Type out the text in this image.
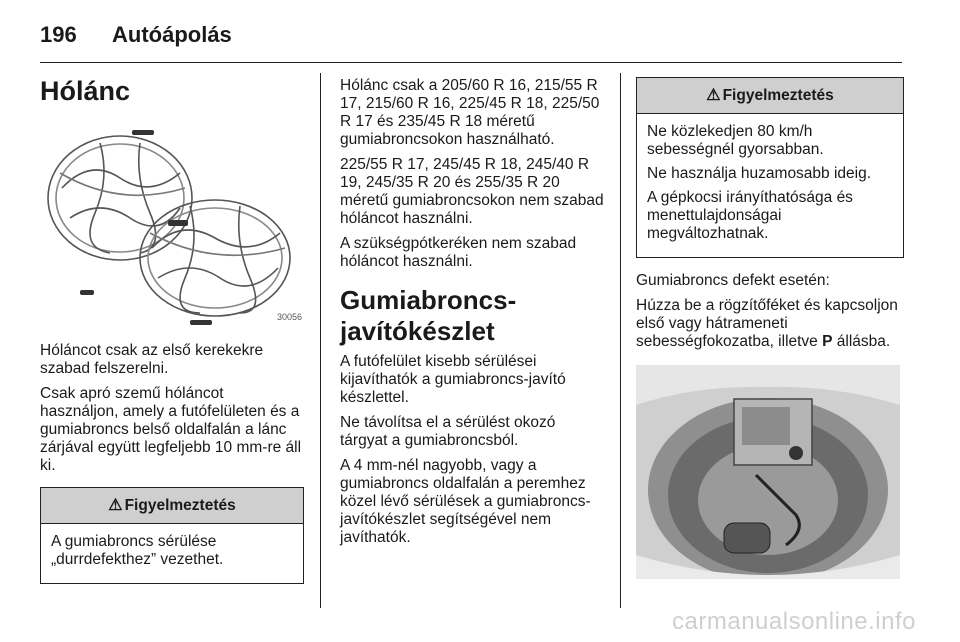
196 Autóápolás
Hólánc
30056

Hóláncot csak az első kerekekre szabad felszerelni.

Csak apró szemű hóláncot használjon, amely a futófelületen és a gumiabroncs belső oldalfalán a lánc zárjával együtt legfeljebb 10 mm-re áll ki.

⚠ Figyelmeztetés

A gumiabroncs sérülése „durrdefekthez” vezethet.

Hólánc csak a 205/60 R 16, 215/55 R 17, 215/60 R 16, 225/45 R 18, 225/50 R 17 és 235/45 R 18 méretű gumiabroncsokon használható.

225/55 R 17, 245/45 R 18, 245/40 R 19, 245/35 R 20 és 255/35 R 20 méretű gumiabroncsokon nem szabad hóláncot használni.

A szükségpótkeréken nem szabad hóláncot használni.

Gumiabroncs-javítókészlet

A futófelület kisebb sérülései kijavíthatók a gumiabroncs-javító készlettel.

Ne távolítsa el a sérülést okozó tárgyat a gumiabroncsból.

A 4 mm-nél nagyobb, vagy a gumiabroncs oldalfalán a peremhez közel lévő sérülések a gumiabroncs-javítókészlet segítségével nem javíthatók.

⚠ Figyelmeztetés

Ne közlekedjen 80 km/h sebességnél gyorsabban.

Ne használja huzamosabb ideig.

A gépkocsi irányíthatósága és menettulajdonságai megváltozhatnak.

Gumiabroncs defekt esetén:

Húzza be a rögzítőféket és kapcsoljon első vagy hátrameneti sebességfokozatba, illetve P állásba.

carmanualsonline.info
